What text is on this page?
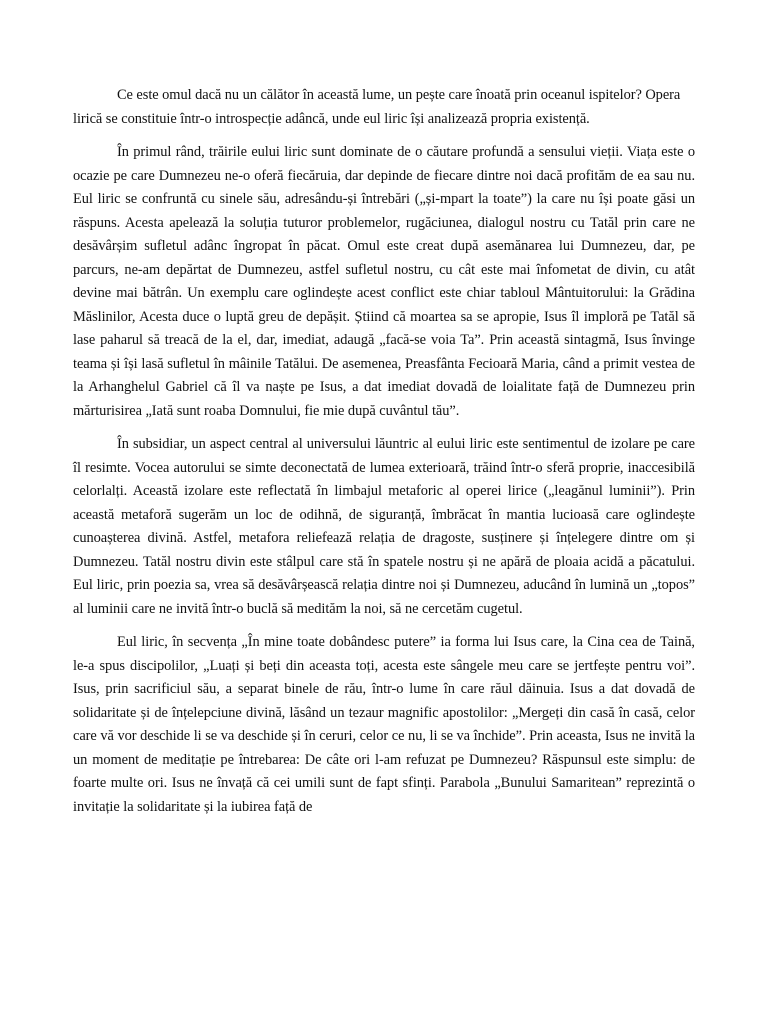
Ce este omul dacă nu un călător în această lume, un pește care înoată prin oceanul ispitelor? Opera lirică se constituie într-o introspecție adâncă, unde eul liric își analizează propria existență.

În primul rând, trăirile eului liric sunt dominate de o căutare profundă a sensului vieții. Viața este o ocazie pe care Dumnezeu ne-o oferă fiecăruia, dar depinde de fiecare dintre noi dacă profităm de ea sau nu. Eul liric se confruntă cu sinele său, adresându-și întrebări („și-mpart la toate”) la care nu își poate găsi un răspuns. Acesta apelează la soluția tuturor problemelor, rugăciunea, dialogul nostru cu Tatăl prin care ne desăvârșim sufletul adânc îngropat în păcat. Omul este creat după asemănarea lui Dumnezeu, dar, pe parcurs, ne-am depărtat de Dumnezeu, astfel sufletul nostru, cu cât este mai înfometat de divin, cu atât devine mai bătrân. Un exemplu care oglindește acest conflict este chiar tabloul Mântuitorului: la Grădina Măslinilor, Acesta duce o luptă greu de depășit. Știind că moartea sa se apropie, Isus îl imploră pe Tatăl să lase paharul să treacă de la el, dar, imediat, adaugă „facă-se voia Ta”. Prin această sintagmă, Isus învinge teama și își lasă sufletul în mâinile Tatălui. De asemenea, Preasfânta Fecioară Maria, când a primit vestea de la Arhanghelul Gabriel că îl va naște pe Isus, a dat imediat dovadă de loialitate față de Dumnezeu prin mărturisirea „Iată sunt roaba Domnului, fie mie după cuvântul tău”.

În subsidiar, un aspect central al universului lăuntric al eului liric este sentimentul de izolare pe care îl resimte. Vocea autorului se simte deconectată de lumea exterioară, trăind într-o sferă proprie, inaccesibilă celorlalți. Această izolare este reflectată în limbajul metaforic al operei lirice („leagănul luminii”). Prin această metaforă sugerăm un loc de odihnă, de siguranță, îmbrăcat în mantia lucioasă care oglindește cunoașterea divină. Astfel, metafora reliefează relația de dragoste, susținere și înțelegere dintre om și Dumnezeu. Tatăl nostru divin este stâlpul care stă în spatele nostru și ne apără de ploaia acidă a păcatului. Eul liric, prin poezia sa, vrea să desăvârșească relația dintre noi și Dumnezeu, aducând în lumină un „topos” al luminii care ne invită într-o buclă să medităm la noi, să ne cercetăm cugetul.

Eul liric, în secvența „În mine toate dobândesc putere” ia forma lui Isus care, la Cina cea de Taină, le-a spus discipolilor, „Luați și beți din aceasta toți, acesta este sângele meu care se jertfește pentru voi”. Isus, prin sacrificiul său, a separat binele de rău, într-o lume în care răul dăinuia. Isus a dat dovadă de solidaritate și de înțelepciune divină, lăsând un tezaur magnific apostolilor: „Mergeți din casă în casă, celor care vă vor deschide li se va deschide și în ceruri, celor ce nu, li se va închide”. Prin aceasta, Isus ne invită la un moment de meditație pe întrebarea: De câte ori l-am refuzat pe Dumnezeu? Răspunsul este simplu: de foarte multe ori. Isus ne învață că cei umili sunt de fapt sfinți. Parabola „Bunului Samaritean” reprezintă o invitație la solidaritate și la iubirea față de
